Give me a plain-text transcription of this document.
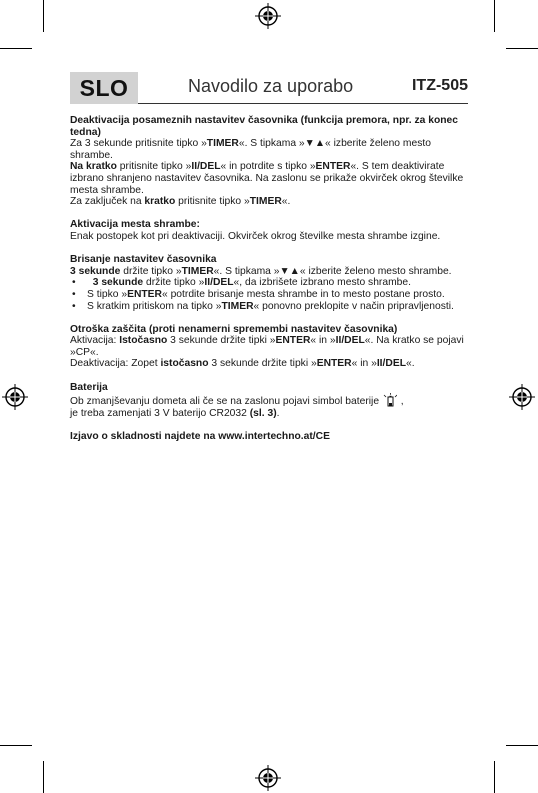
SLO	Navodilo za uporabo	ITZ-505

Deaktivacija posameznih nastavitev časovnika (funkcija premora, npr. za konec tedna)

Za 3 sekunde pritisnite tipko »TIMER«. S tipkama »▼▲« izberite želeno mesto shrambe.

Na kratko pritisnite tipko »II/DEL« in potrdite s tipko »ENTER«. S tem deaktivirate izbrano shranjeno nastavitev časovnika. Na zaslonu se prikaže okvirček okrog številke mesta shrambe.

Za zaključek na kratko pritisnite tipko »TIMER«.

Aktivacija mesta shrambe:

Enak postopek kot pri deaktivaciji. Okvirček okrog številke mesta shrambe izgine.

Brisanje nastavitev časovnika

3 sekunde držite tipko »TIMER«. S tipkama »▼▲« izberite želeno mesto shrambe.

• 3 sekunde držite tipko »II/DEL«, da izbrišete izbrano mesto shrambe.
• S tipko »ENTER« potrdite brisanje mesta shrambe in to mesto postane prosto.
• S kratkim pritiskom na tipko »TIMER« ponovno preklopite v način pripravljenosti.

Otroška zaščita (proti nenamerni spremembi nastavitev časovnika)

Aktivacija: Istočasno 3 sekunde držite tipki »ENTER« in »II/DEL«. Na kratko se pojavi »CP«.

Deaktivacija: Zopet istočasno 3 sekunde držite tipki »ENTER« in »II/DEL«.

Baterija

Ob zmanjševanju dometa ali če se na zaslonu pojavi simbol baterije  ,

je treba zamenjati 3 V baterijo CR2032 (sl. 3).

Izjavo o skladnosti najdete na www.intertechno.at/CE
